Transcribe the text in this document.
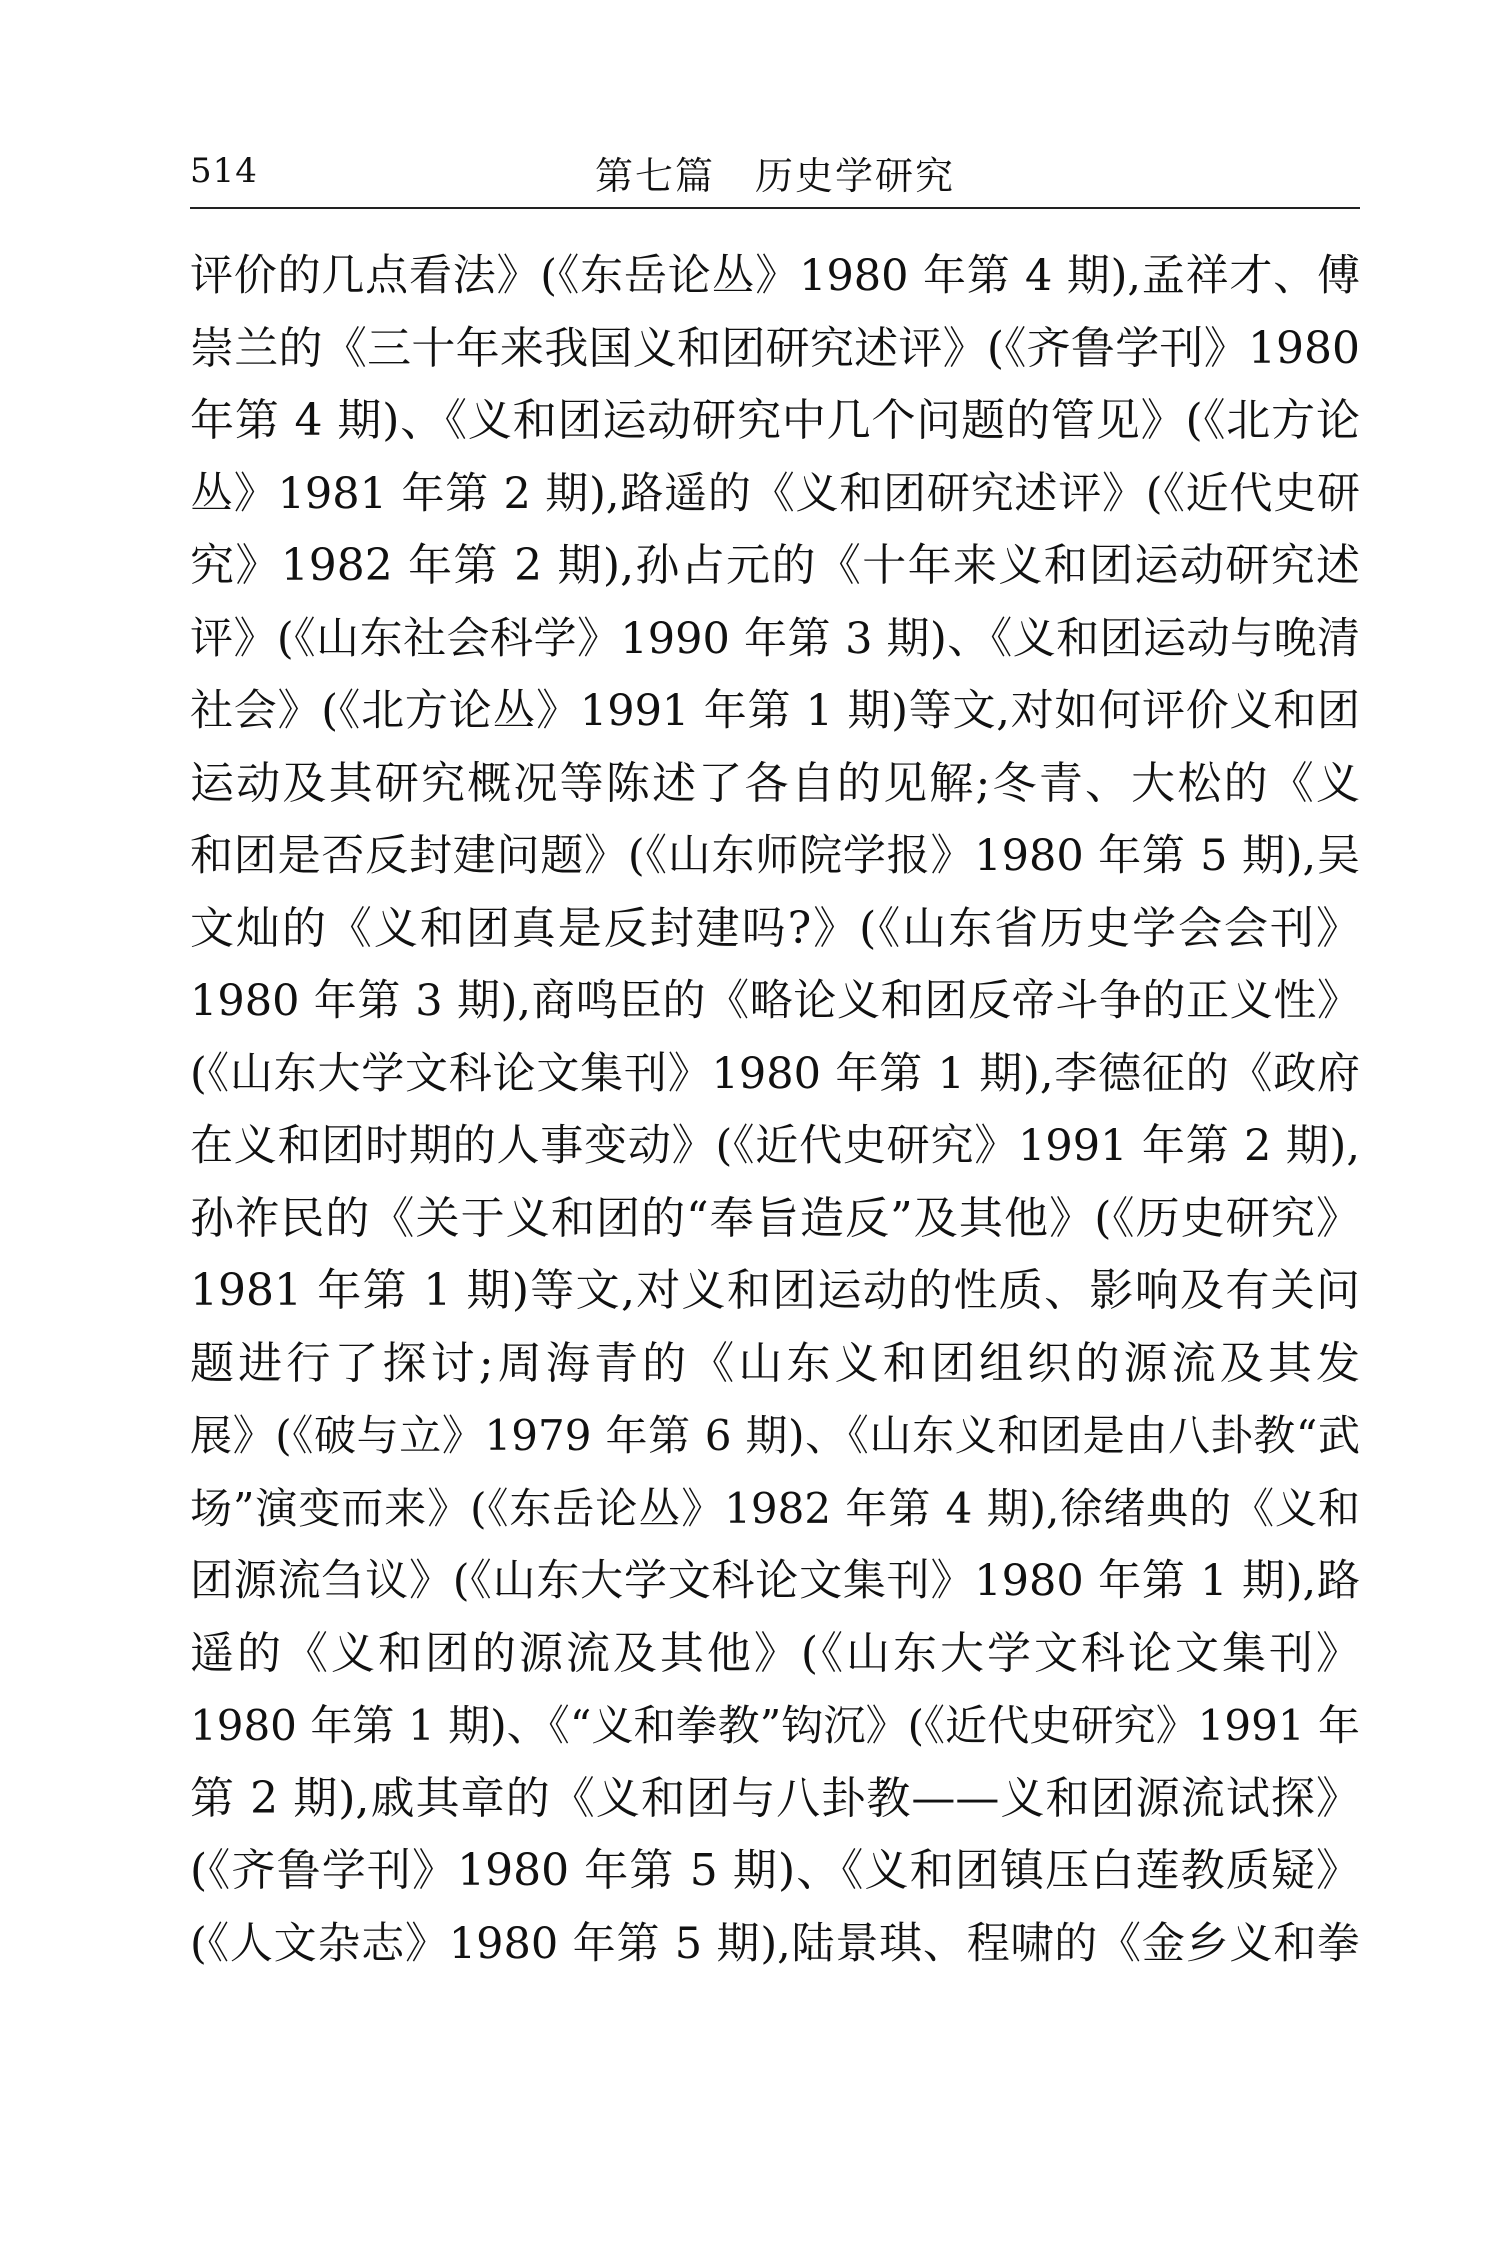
514	第七篇　历史学研究
评价的几点看法》(《东岳论丛》1980 年第 4 期),孟祥才、傅
崇兰的《三十年来我国义和团研究述评》(《齐鲁学刊》1980
年第 4 期)、《义和团运动研究中几个问题的管见》(《北方论
丛》1981 年第 2 期),路遥的《义和团研究述评》(《近代史研
究》1982 年第 2 期),孙占元的《十年来义和团运动研究述
评》(《山东社会科学》1990 年第 3 期)、《义和团运动与晚清
社会》(《北方论丛》1991 年第 1 期)等文,对如何评价义和团
运动及其研究概况等陈述了各自的见解;冬青、大松的《义
和团是否反封建问题》(《山东师院学报》1980 年第 5 期),吴
文灿的《义和团真是反封建吗?》(《山东省历史学会会刊》
1980 年第 3 期),商鸣臣的《略论义和团反帝斗争的正义性》
(《山东大学文科论文集刊》1980 年第 1 期),李德征的《政府
在义和团时期的人事变动》(《近代史研究》1991 年第 2 期),
孙祚民的《关于义和团的“奉旨造反”及其他》(《历史研究》
1981 年第 1 期)等文,对义和团运动的性质、影响及有关问
题进行了探讨;周海青的《山东义和团组织的源流及其发
展》(《破与立》1979 年第 6 期)、《山东义和团是由八卦教“武
场”演变而来》(《东岳论丛》1982 年第 4 期),徐绪典的《义和
团源流刍议》(《山东大学文科论文集刊》1980 年第 1 期),路
遥的《义和团的源流及其他》(《山东大学文科论文集刊》
1980 年第 1 期)、《“义和拳教”钩沉》(《近代史研究》1991 年
第 2 期),戚其章的《义和团与八卦教——义和团源流试探》
(《齐鲁学刊》1980 年第 5 期)、《义和团镇压白莲教质疑》
(《人文杂志》1980 年第 5 期),陆景琪、程啸的《金乡义和拳
